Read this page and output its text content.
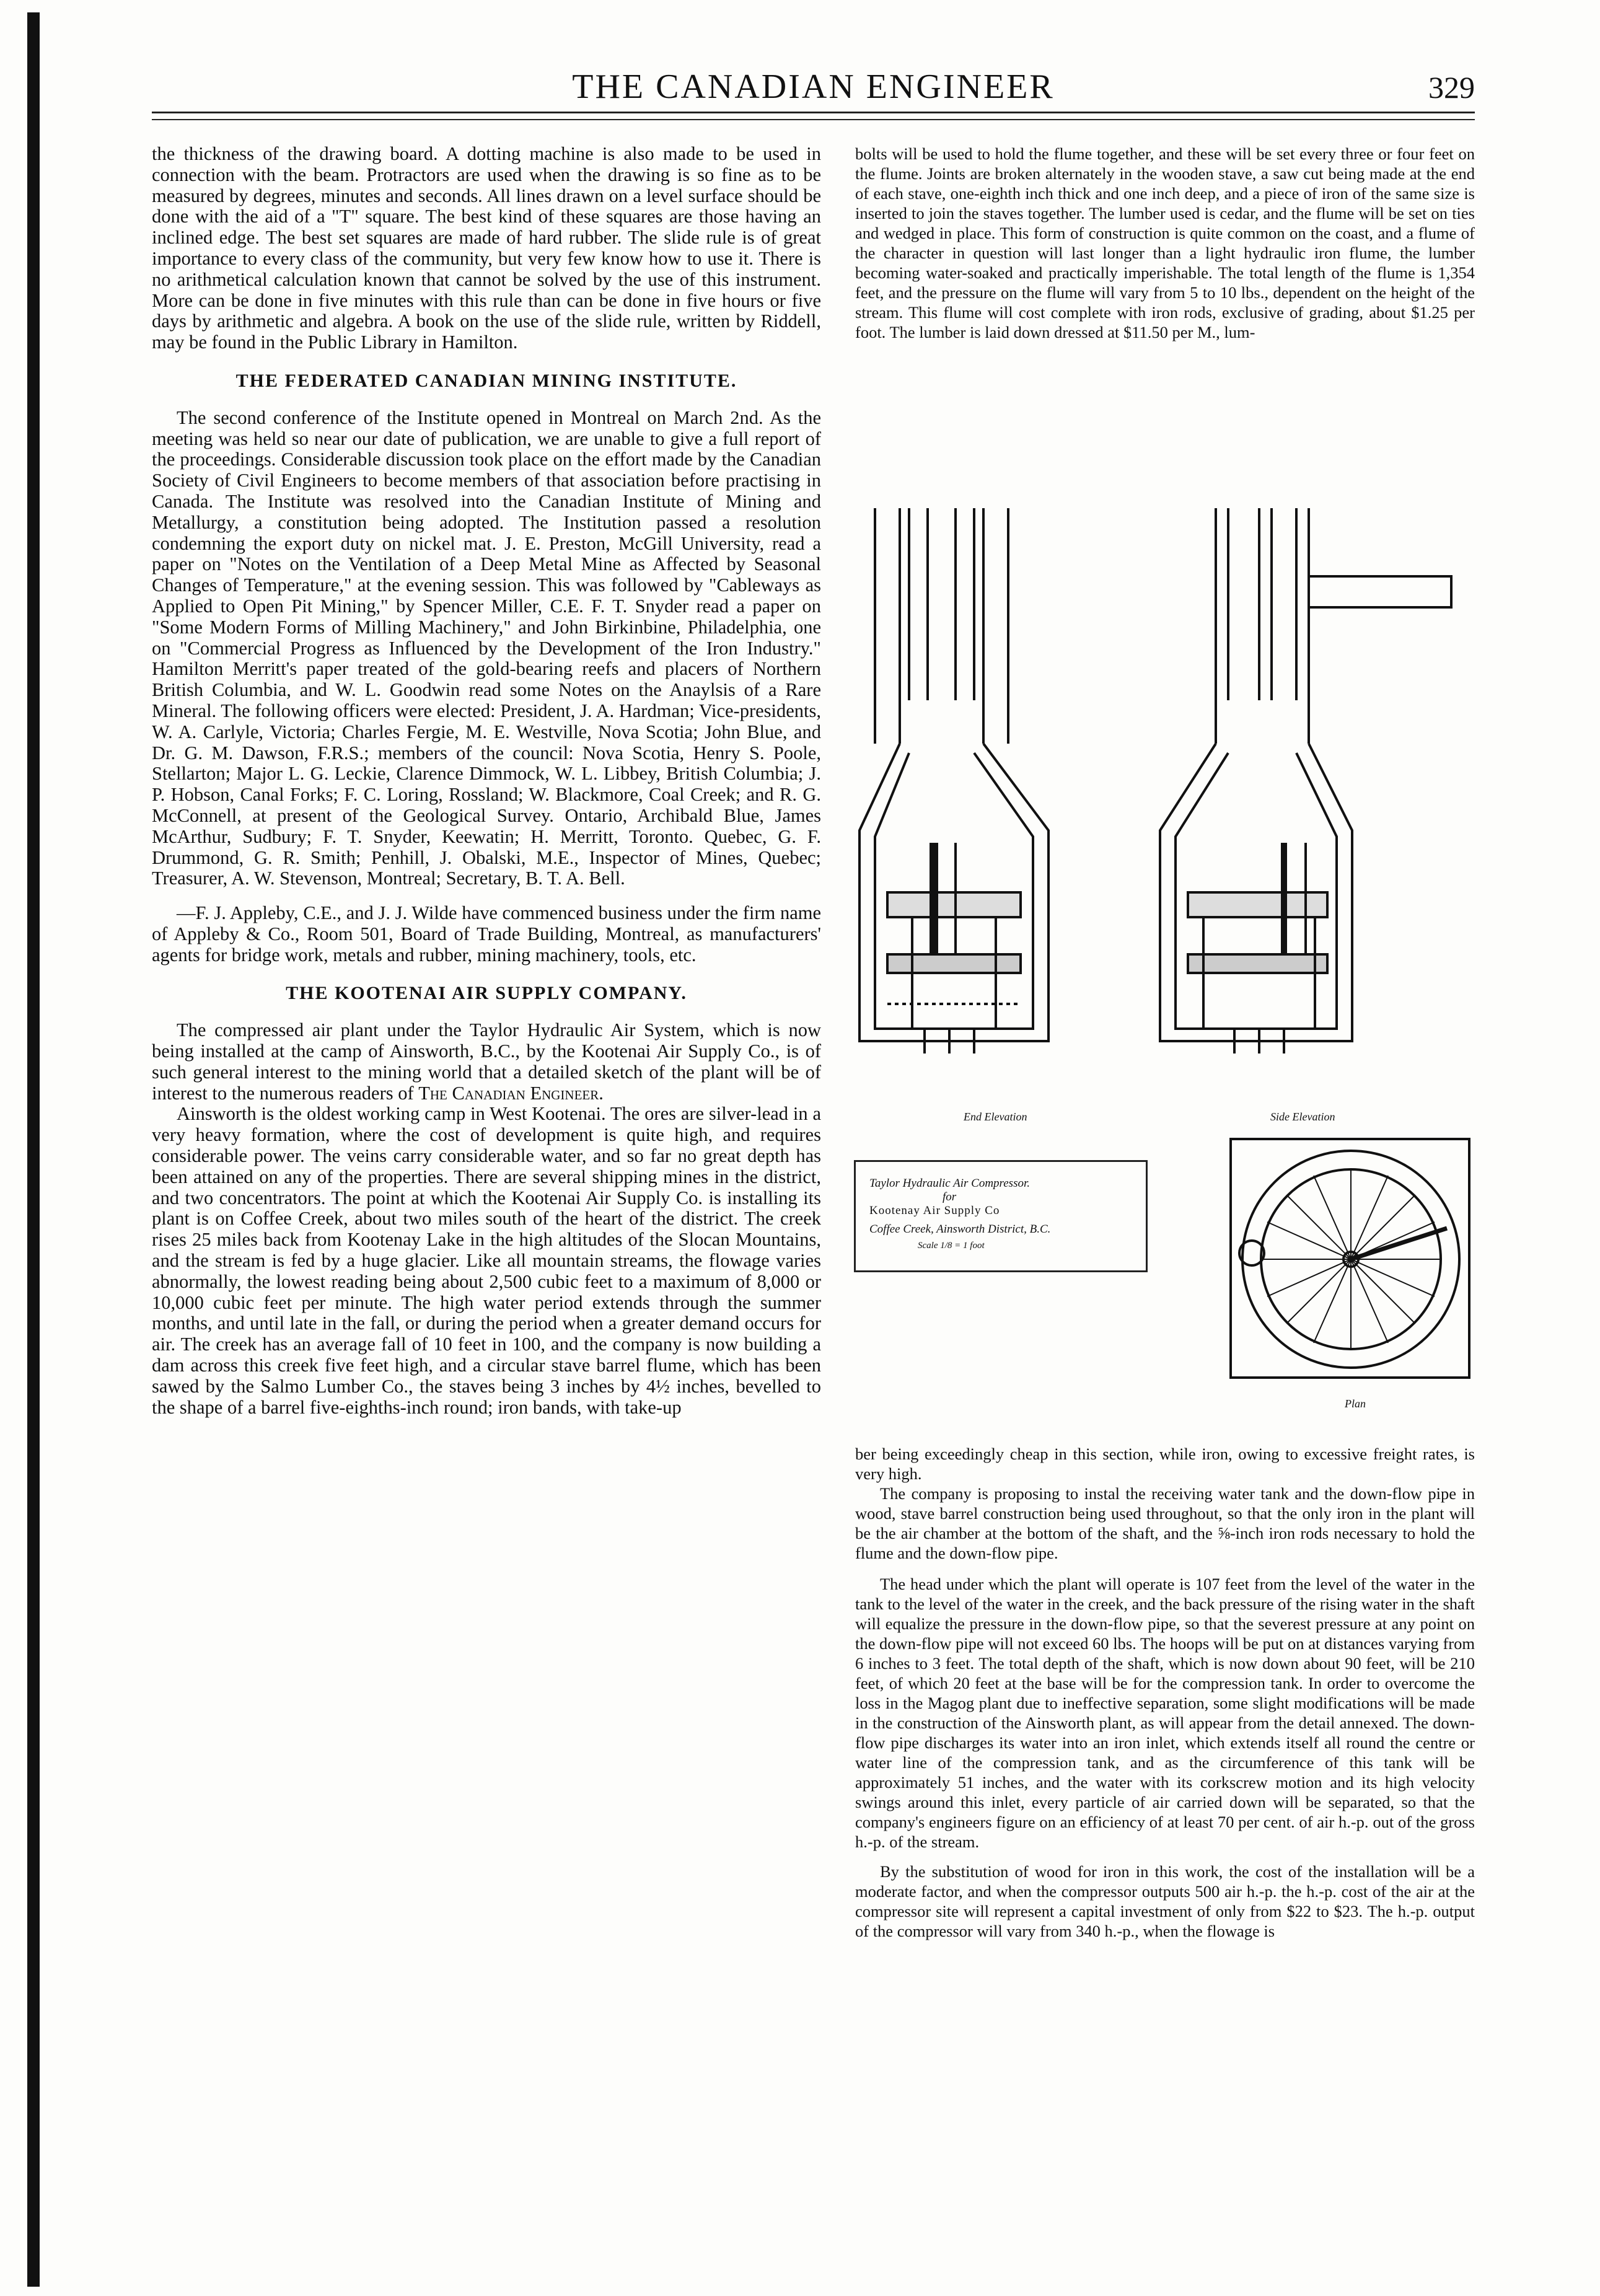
THE CANADIAN ENGINEER	329

the thickness of the drawing board. A dotting machine is also made to be used in connection with the beam. Protractors are used when the drawing is so fine as to be measured by degrees, minutes and seconds. All lines drawn on a level surface should be done with the aid of a "T" square. The best kind of these squares are those having an inclined edge. The best set squares are made of hard rubber. The slide rule is of great importance to every class of the community, but very few know how to use it. There is no arithmetical calculation known that cannot be solved by the use of this instrument. More can be done in five minutes with this rule than can be done in five hours or five days by arithmetic and algebra. A book on the use of the slide rule, written by Riddell, may be found in the Public Library in Hamilton.

THE FEDERATED CANADIAN MINING INSTITUTE.

The second conference of the Institute opened in Montreal on March 2nd. As the meeting was held so near our date of publication, we are unable to give a full report of the proceedings. Considerable discussion took place on the effort made by the Canadian Society of Civil Engineers to become members of that association before practising in Canada. The Institute was resolved into the Canadian Institute of Mining and Metallurgy, a constitution being adopted. The Institution passed a resolution condemning the export duty on nickel mat. J. E. Preston, McGill University, read a paper on "Notes on the Ventilation of a Deep Metal Mine as Affected by Seasonal Changes of Temperature," at the evening session. This was followed by "Cableways as Applied to Open Pit Mining," by Spencer Miller, C.E. F. T. Snyder read a paper on "Some Modern Forms of Milling Machinery," and John Birkinbine, Philadelphia, one on "Commercial Progress as Influenced by the Development of the Iron Industry." Hamilton Merritt's paper treated of the gold-bearing reefs and placers of Northern British Columbia, and W. L. Goodwin read some Notes on the Anaylsis of a Rare Mineral. The following officers were elected: President, J. A. Hardman; Vice-presidents, W. A. Carlyle, Victoria; Charles Fergie, M. E. Westville, Nova Scotia; John Blue, and Dr. G. M. Dawson, F.R.S.; members of the council: Nova Scotia, Henry S. Poole, Stellarton; Major L. G. Leckie, Clarence Dimmock, W. L. Libbey, British Columbia; J. P. Hobson, Canal Forks; F. C. Loring, Rossland; W. Blackmore, Coal Creek; and R. G. McConnell, at present of the Geological Survey. Ontario, Archibald Blue, James McArthur, Sudbury; F. T. Snyder, Keewatin; H. Merritt, Toronto. Quebec, G. F. Drummond, G. R. Smith; Penhill, J. Obalski, M.E., Inspector of Mines, Quebec; Treasurer, A. W. Stevenson, Montreal; Secretary, B. T. A. Bell.

—F. J. Appleby, C.E., and J. J. Wilde have commenced business under the firm name of Appleby & Co., Room 501, Board of Trade Building, Montreal, as manufacturers' agents for bridge work, metals and rubber, mining machinery, tools, etc.

THE KOOTENAI AIR SUPPLY COMPANY.

The compressed air plant under the Taylor Hydraulic Air System, which is now being installed at the camp of Ainsworth, B.C., by the Kootenai Air Supply Co., is of such general interest to the mining world that a detailed sketch of the plant will be of interest to the numerous readers of The Canadian Engineer.

Ainsworth is the oldest working camp in West Kootenai. The ores are silver-lead in a very heavy formation, where the cost of development is quite high, and requires considerable power. The veins carry considerable water, and so far no great depth has been attained on any of the properties. There are several shipping mines in the district, and two concentrators. The point at which the Kootenai Air Supply Co. is installing its plant is on Coffee Creek, about two miles south of the heart of the district. The creek rises 25 miles back from Kootenay Lake in the high altitudes of the Slocan Mountains, and the stream is fed by a huge glacier. Like all mountain streams, the flowage varies abnormally, the lowest reading being about 2,500 cubic feet to a maximum of 8,000 or 10,000 cubic feet per minute. The high water period extends through the summer months, and until late in the fall, or during the period when a greater demand occurs for air. The creek has an average fall of 10 feet in 100, and the company is now building a dam across this creek five feet high, and a circular stave barrel flume, which has been sawed by the Salmo Lumber Co., the staves being 3 inches by 4½ inches, bevelled to the shape of a barrel five-eighths-inch round; iron bands, with take-up

bolts will be used to hold the flume together, and these will be set every three or four feet on the flume. Joints are broken alternately in the wooden stave, a saw cut being made at the end of each stave, one-eighth inch thick and one inch deep, and a piece of iron of the same size is inserted to join the staves together. The lumber used is cedar, and the flume will be set on ties and wedged in place. This form of construction is quite common on the coast, and a flume of the character in question will last longer than a light hydraulic iron flume, the lumber becoming water-soaked and practically imperishable. The total length of the flume is 1,354 feet, and the pressure on the flume will vary from 5 to 10 lbs., dependent on the height of the stream. This flume will cost complete with iron rods, exclusive of grading, about $1.25 per foot. The lumber is laid down dressed at $11.50 per M., lum-

End Elevation	Side Elevation
Taylor Hydraulic Air Compressor.
for
Kootenay Air Supply Co
Coffee Creek, Ainsworth District, B.C.
Scale 1/8 = 1 foot
Plan

ber being exceedingly cheap in this section, while iron, owing to excessive freight rates, is very high.

The company is proposing to instal the receiving water tank and the down-flow pipe in wood, stave barrel construction being used throughout, so that the only iron in the plant will be the air chamber at the bottom of the shaft, and the ⅝-inch iron rods necessary to hold the flume and the down-flow pipe.

The head under which the plant will operate is 107 feet from the level of the water in the tank to the level of the water in the creek, and the back pressure of the rising water in the shaft will equalize the pressure in the down-flow pipe, so that the severest pressure at any point on the down-flow pipe will not exceed 60 lbs. The hoops will be put on at distances varying from 6 inches to 3 feet. The total depth of the shaft, which is now down about 90 feet, will be 210 feet, of which 20 feet at the base will be for the compression tank. In order to overcome the loss in the Magog plant due to ineffective separation, some slight modifications will be made in the construction of the Ainsworth plant, as will appear from the detail annexed. The down-flow pipe discharges its water into an iron inlet, which extends itself all round the centre or water line of the compression tank, and as the circumference of this tank will be approximately 51 inches, and the water with its corkscrew motion and its high velocity swings around this inlet, every particle of air carried down will be separated, so that the company's engineers figure on an efficiency of at least 70 per cent. of air h.-p. out of the gross h.-p. of the stream.

By the substitution of wood for iron in this work, the cost of the installation will be a moderate factor, and when the compressor outputs 500 air h.-p. the h.-p. cost of the air at the compressor site will represent a capital investment of only from $22 to $23. The h.-p. output of the compressor will vary from 340 h.-p., when the flowage is
